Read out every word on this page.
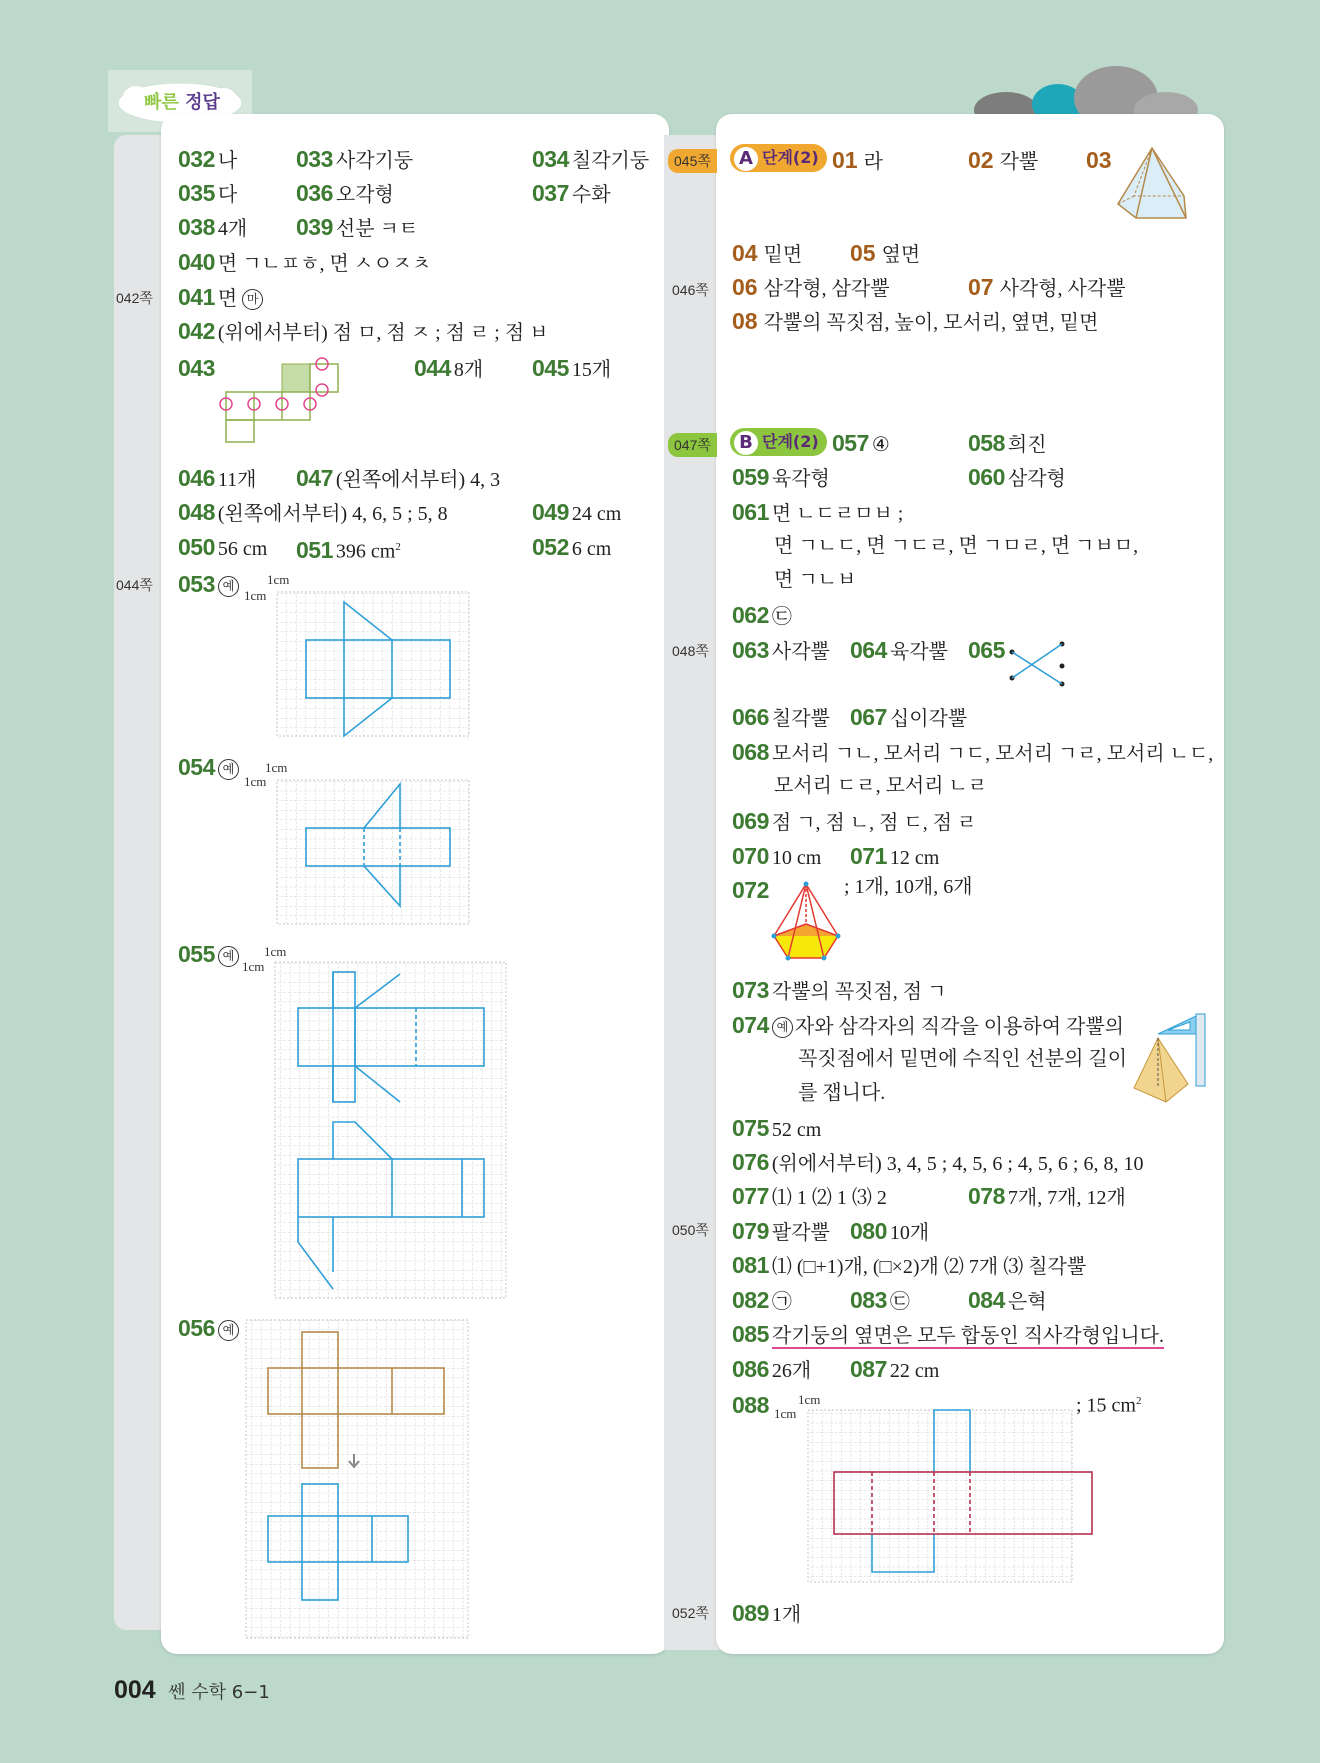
빠른 정답
042쪽
044쪽
046쪽
048쪽
050쪽
052쪽
045쪽	A 단계(2)
047쪽	B 단계(2)
032 나	033 사각기둥	034 칠각기둥
035 다	036 오각형	037 수화
038 4개 039 선분 ㅋㅌ
040 면 ㄱㄴㅍㅎ, 면 ㅅㅇㅈㅊ
041 면 마
042 (위에서부터) 점 ㅁ, 점 ㅈ ; 점 ㄹ ; 점 ㅂ
043	044 8개 045 15개
046 11개 047 (왼쪽에서부터) 4, 3
048 (왼쪽에서부터) 4, 6, 5 ; 5, 8	049 24 cm
050 56 cm 051 396 $cm^2$	052 6 cm
053 예	1cm
1cm
054 예	1cm
1cm
055 예	1cm
1cm
056 예
01 라	02 각뿔 03
04 밑면 05 옆면
06 삼각형, 삼각뿔	07 사각형, 사각뿔
08 각뿔의 꼭짓점, 높이, 모서리, 옆면, 밑면
057 ④	058 희진
059 육각형	060 삼각형
061 면 ㄴㄷㄹㅁㅂ ;
면 ㄱㄴㄷ, 면 ㄱㄷㄹ, 면 ㄱㅁㄹ, 면 ㄱㅂㅁ,
면 ㄱㄴㅂ
062 ㉢
063 사각뿔 064 육각뿔 065
066 칠각뿔 067 십이각뿔
068 모서리 ㄱㄴ, 모서리 ㄱㄷ, 모서리 ㄱㄹ, 모서리 ㄴㄷ,
모서리 ㄷㄹ, 모서리 ㄴㄹ
069 점 ㄱ, 점 ㄴ, 점 ㄷ, 점 ㄹ
070 10 cm 071 12 cm
072	; 1개, 10개, 6개
073 각뿔의 꼭짓점, 점 ㄱ
074 예 자와 삼각자의 직각을 이용하여 각뿔의
꼭짓점에서 밑면에 수직인 선분의 길이
를 잽니다.
075 52 cm
076 (위에서부터) 3, 4, 5 ; 4, 5, 6 ; 4, 5, 6 ; 6, 8, 10
077 ⑴ 1 ⑵ 1 ⑶ 2	078 7개, 7개, 12개
079 팔각뿔 080 10개
081 ⑴ (□+1)개, (□×2)개 ⑵ 7개 ⑶ 칠각뿔
082 ㉠	083 ㉢	084 은혁
085 각기둥의 옆면은 모두 합동인 직사각형입니다.
086 26개 087 22 cm
088 1cm
1cm	; 15 $cm^2$
089 1개
004 쎈 수학 6−1
